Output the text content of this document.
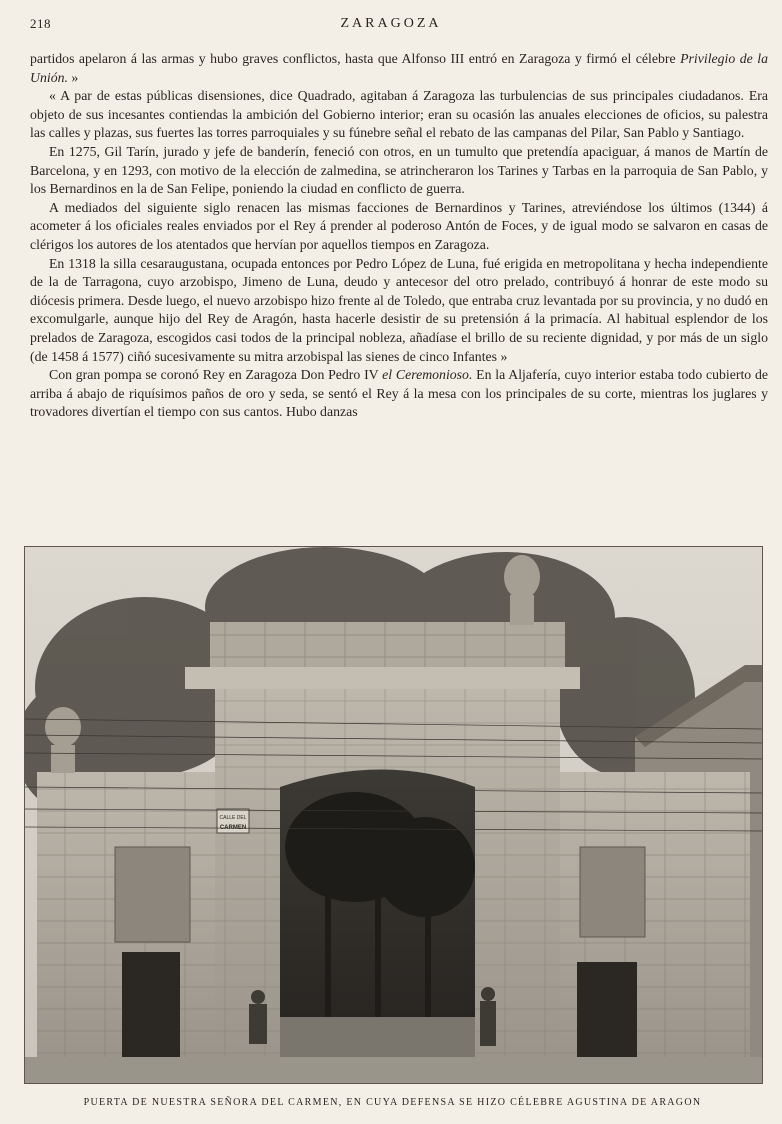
218	ZARAGOZA

partidos apelaron á las armas y hubo graves conflictos, hasta que Alfonso III entró en Zaragoza y firmó el célebre Privilegio de la Unión. »

« A par de estas públicas disensiones, dice Quadrado, agitaban á Zaragoza las turbulencias de sus principales ciudadanos. Era objeto de sus incesantes contiendas la ambición del Gobierno interior; eran su ocasión las anuales elecciones de oficios, su palestra las calles y plazas, sus fuertes las torres parroquiales y su fúnebre señal el rebato de las campanas del Pilar, San Pablo y Santiago.

En 1275, Gil Tarín, jurado y jefe de banderín, feneció con otros, en un tumulto que pretendía apaciguar, á manos de Martín de Barcelona, y en 1293, con motivo de la elección de zalmedina, se atrincheraron los Tarines y Tarbas en la parroquia de San Pablo, y los Bernardinos en la de San Felipe, poniendo la ciudad en conflicto de guerra.

A mediados del siguiente siglo renacen las mismas facciones de Bernardinos y Tarines, atreviéndose los últimos (1344) á acometer á los oficiales reales enviados por el Rey á prender al poderoso Antón de Foces, y de igual modo se salvaron en casas de clérigos los autores de los atentados que hervían por aquellos tiempos en Zaragoza.

En 1318 la silla cesaraugustana, ocupada entonces por Pedro López de Luna, fué erigida en metropolitana y hecha independiente de la de Tarragona, cuyo arzobispo, Jimeno de Luna, deudo y antecesor del otro prelado, contribuyó á honrar de este modo su diócesis primera. Desde luego, el nuevo arzobispo hizo frente al de Toledo, que entraba cruz levantada por su provincia, y no dudó en excomulgarle, aunque hijo del Rey de Aragón, hasta hacerle desistir de su pretensión á la primacía. Al habitual esplendor de los prelados de Zaragoza, escogidos casi todos de la principal nobleza, añadíase el brillo de su reciente dignidad, y por más de un siglo (de 1458 á 1577) ciñó sucesivamente su mitra arzobispal las sienes de cinco Infantes »

Con gran pompa se coronó Rey en Zaragoza Don Pedro IV el Ceremonioso. En la Aljafería, cuyo interior estaba todo cubierto de arriba á abajo de riquísimos paños de oro y seda, se sentó el Rey á la mesa con los principales de su corte, mientras los juglares y trovadores divertían el tiempo con sus cantos. Hubo danzas

CALLE DEL
PUERTA DE NUESTRA SEÑORA DEL CARMEN, EN CUYA DEFENSA SE HIZO CÉLEBRE AGUSTINA DE ARAGON
